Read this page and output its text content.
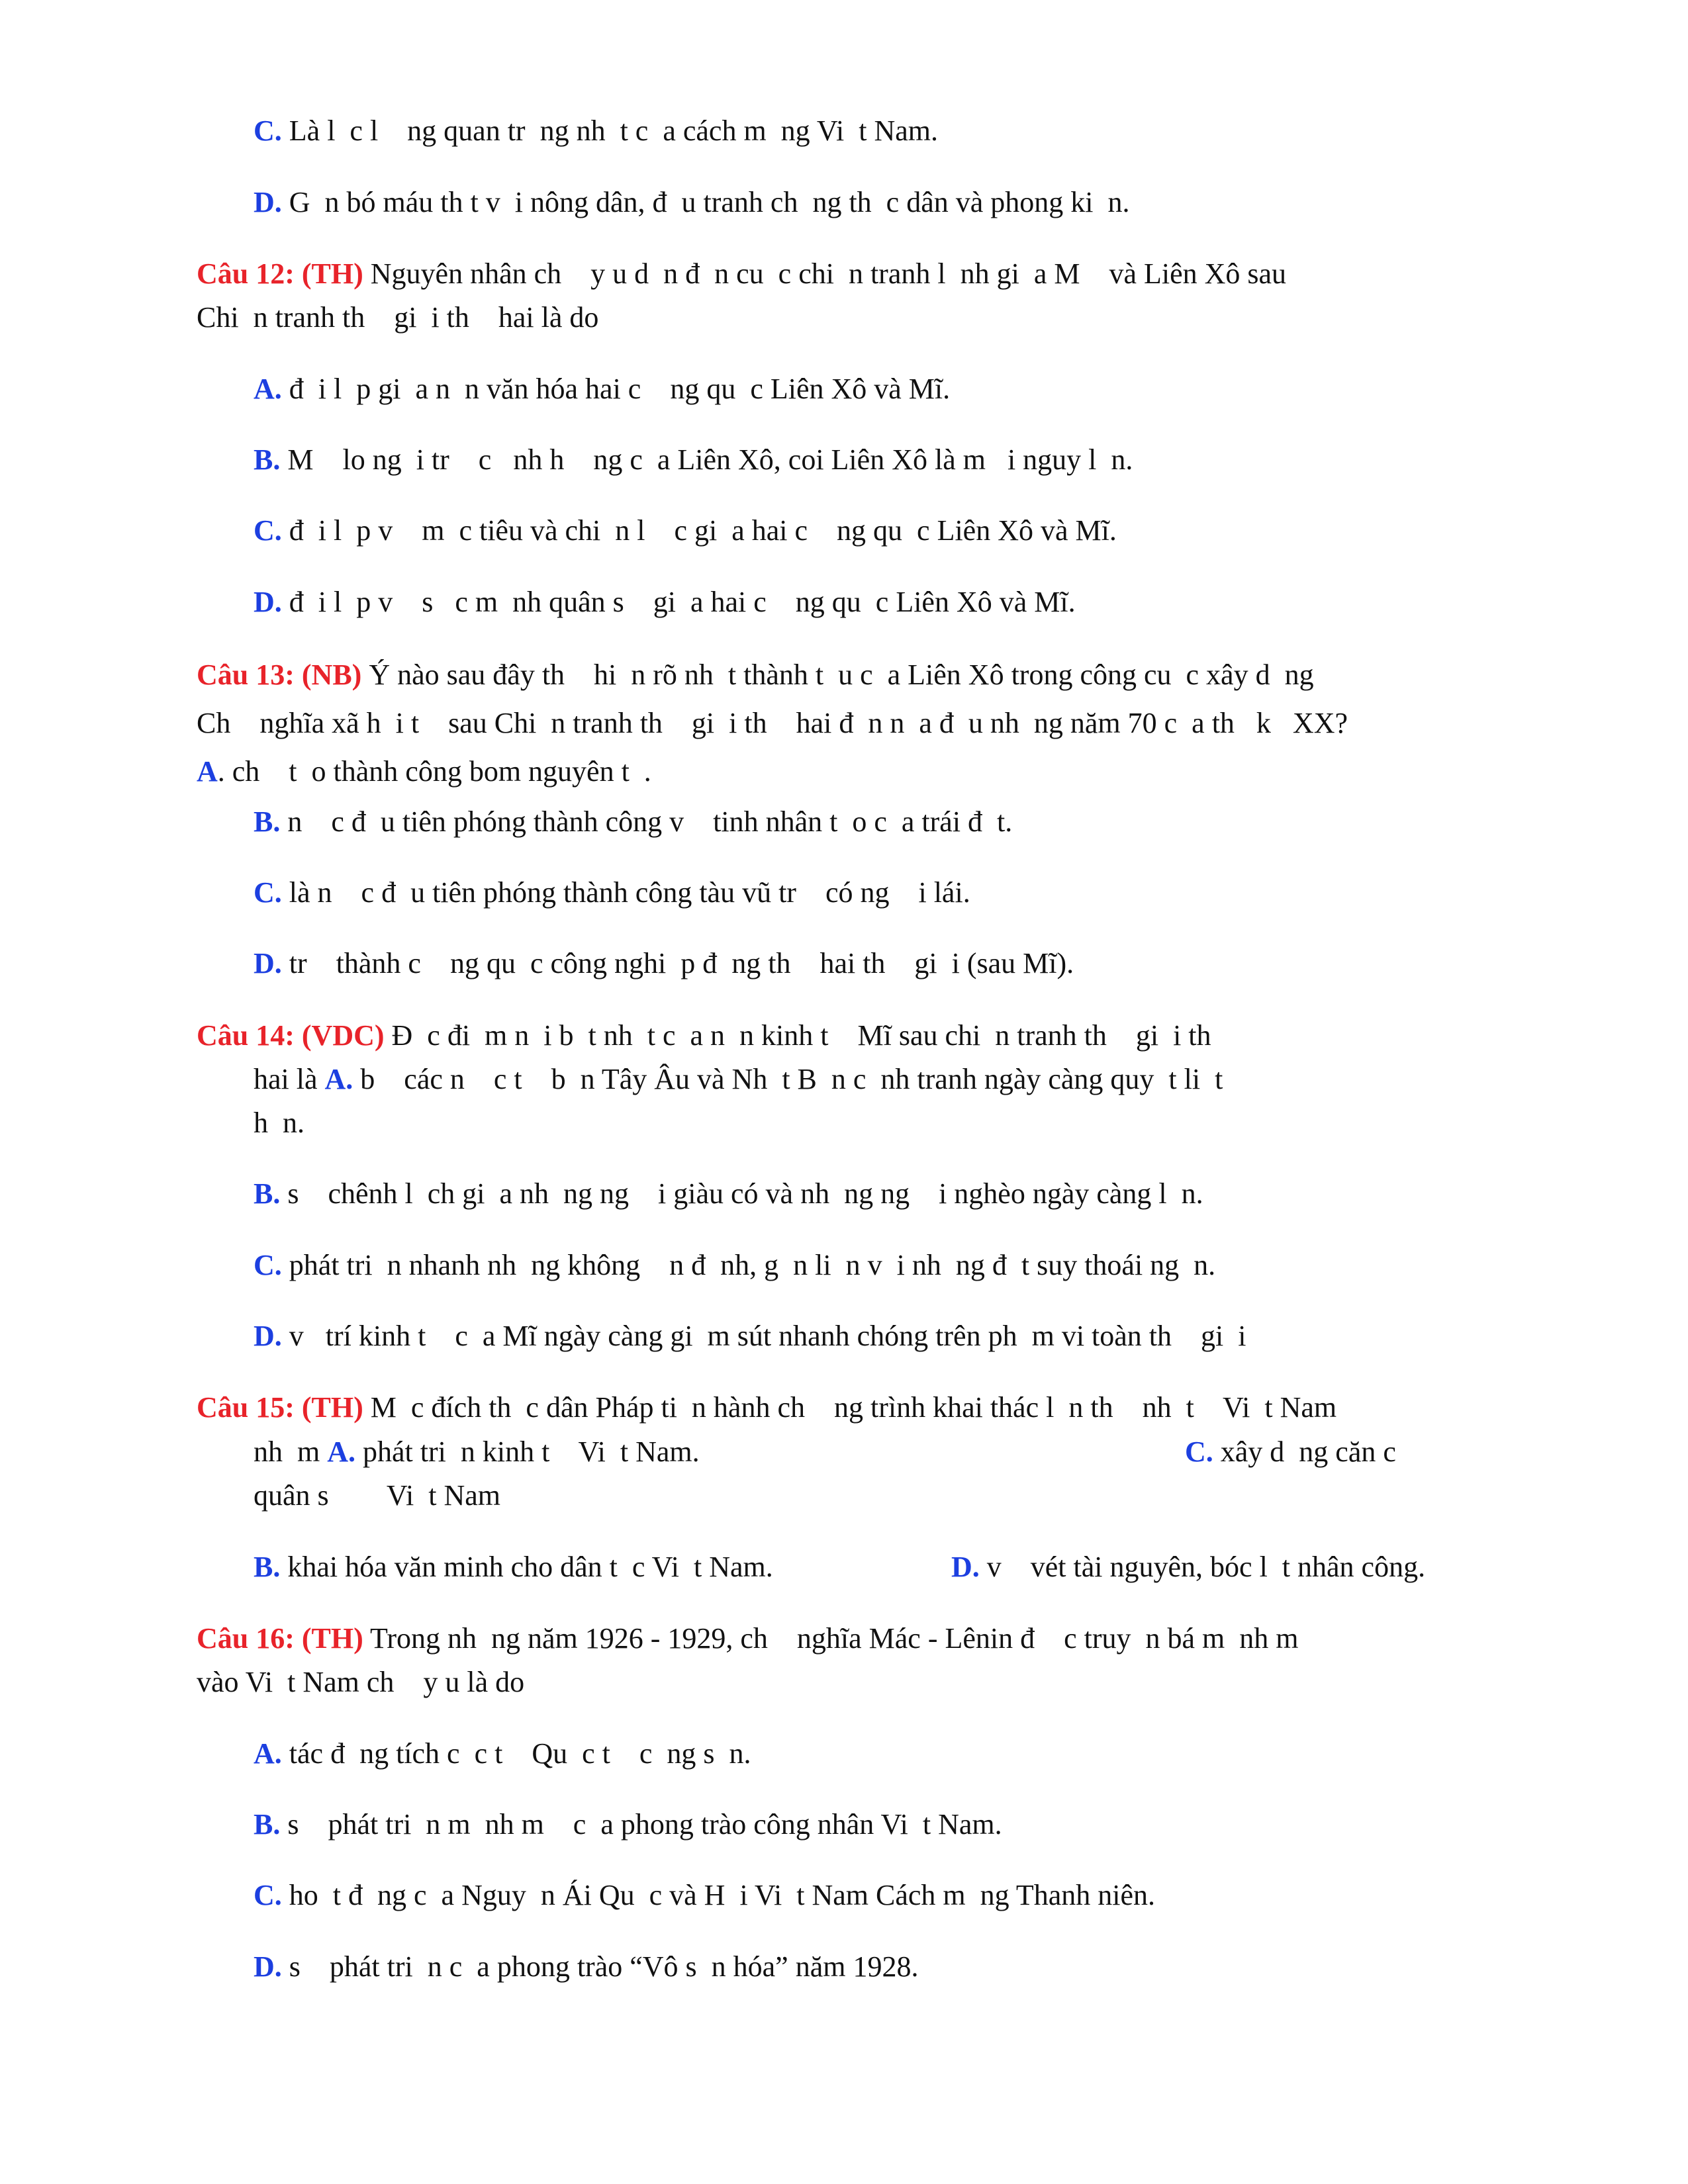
C. Là l  c l    ng quan tr  ng nh  t c  a cách m  ng Vi  t Nam.
D. G  n bó máu th t v  i nông dân, đ  u tranh ch  ng th  c dân và phong ki  n.
Câu 12: (TH) Nguyên nhân ch    y u d  n đ  n cu  c chi  n tranh l  nh gi  a M    và Liên Xô sau
Chi  n tranh th    gi  i th    hai là do
A. đ  i l  p gi  a n  n văn hóa hai c    ng qu  c Liên Xô và Mĩ.
B. M    lo ng  i tr    c   nh h    ng c  a Liên Xô, coi Liên Xô là m   i nguy l  n.
C. đ  i l  p v    m  c tiêu và chi  n l    c gi  a hai c    ng qu  c Liên Xô và Mĩ.
D. đ  i l  p v    s   c m  nh quân s    gi  a hai c    ng qu  c Liên Xô và Mĩ.
Câu 13: (NB) Ý nào sau đây th    hi  n rõ nh  t thành t  u c  a Liên Xô trong công cu  c xây d  ng
Ch    nghĩa xã h  i t    sau Chi  n tranh th    gi  i th    hai đ  n n  a đ  u nh  ng năm 70 c  a th   k   XX?
A. ch    t  o thành công bom nguyên t  .
B. n    c đ  u tiên phóng thành công v    tinh nhân t  o c  a trái đ  t.
C. là n    c đ  u tiên phóng thành công tàu vũ tr    có ng    i lái.
D. tr    thành c    ng qu  c công nghi  p đ  ng th    hai th    gi  i (sau Mĩ).
Câu 14: (VDC) Đ  c đi  m n  i b  t nh  t c  a n  n kinh t    Mĩ sau chi  n tranh th    gi  i th
hai là A. b    các n    c t    b  n Tây Âu và Nh  t B  n c  nh tranh ngày càng quy  t li  t
h  n.
B. s    chênh l  ch gi  a nh  ng ng    i giàu có và nh  ng ng    i nghèo ngày càng l  n.
C. phát tri  n nhanh nh  ng không    n đ  nh, g  n li  n v  i nh  ng đ  t suy thoái ng  n.
D. v   trí kinh t    c  a Mĩ ngày càng gi  m sút nhanh chóng trên ph  m vi toàn th    gi  i
Câu 15: (TH) M  c đích th  c dân Pháp ti  n hành ch    ng trình khai thác l  n th    nh  t    Vi  t Nam
nh  m A. phát tri  n kinh t    Vi  t Nam.	C. xây d  ng căn c
quân s        Vi  t Nam
B. khai hóa văn minh cho dân t  c Vi  t Nam.	D. v    vét tài nguyên, bóc l  t nhân công.
Câu 16: (TH) Trong nh  ng năm 1926 - 1929, ch    nghĩa Mác - Lênin đ    c truy  n bá m  nh m
vào Vi  t Nam ch    y u là do
A. tác đ  ng tích c  c t    Qu  c t    c  ng s  n.
B. s    phát tri  n m  nh m    c  a phong trào công nhân Vi  t Nam.
C. ho  t đ  ng c  a Nguy  n Ái Qu  c và H  i Vi  t Nam Cách m  ng Thanh niên.
D. s    phát tri  n c  a phong trào “Vô s  n hóa” năm 1928.
